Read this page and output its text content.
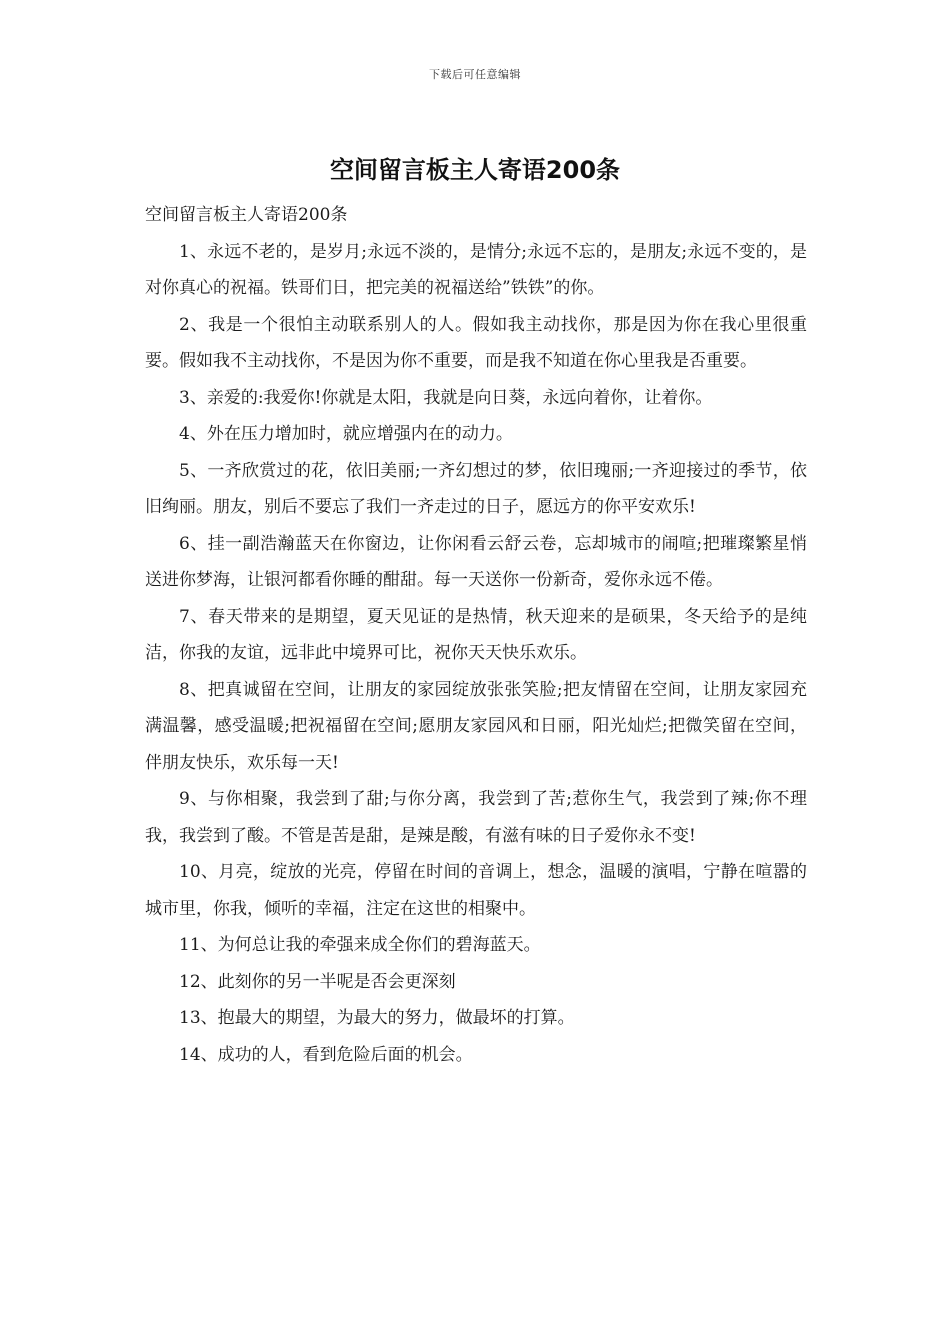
下载后可任意编辑
空间留言板主人寄语200条

空间留言板主人寄语200条

1、永远不老的，是岁月;永远不淡的，是情分;永远不忘的，是朋友;永远不变的，是对你真心的祝福。铁哥们日，把完美的祝福送给”铁铁”的你。

2、我是一个很怕主动联系别人的人。假如我主动找你，那是因为你在我心里很重要。假如我不主动找你，不是因为你不重要，而是我不知道在你心里我是否重要。

3、亲爱的:我爱你!你就是太阳，我就是向日葵，永远向着你，让着你。

4、外在压力增加时，就应增强内在的动力。

5、一齐欣赏过的花，依旧美丽;一齐幻想过的梦，依旧瑰丽;一齐迎接过的季节，依旧绚丽。朋友，别后不要忘了我们一齐走过的日子，愿远方的你平安欢乐!

6、挂一副浩瀚蓝天在你窗边，让你闲看云舒云卷，忘却城市的闹喧;把璀璨繁星悄送进你梦海，让银河都看你睡的酣甜。每一天送你一份新奇，爱你永远不倦。

7、春天带来的是期望，夏天见证的是热情，秋天迎来的是硕果，冬天给予的是纯洁，你我的友谊，远非此中境界可比，祝你天天快乐欢乐。

8、把真诚留在空间，让朋友的家园绽放张张笑脸;把友情留在空间，让朋友家园充满温馨，感受温暖;把祝福留在空间;愿朋友家园风和日丽，阳光灿烂;把微笑留在空间，伴朋友快乐，欢乐每一天!

9、与你相聚，我尝到了甜;与你分离，我尝到了苦;惹你生气，我尝到了辣;你不理我，我尝到了酸。不管是苦是甜，是辣是酸，有滋有味的日子爱你永不变!

10、月亮，绽放的光亮，停留在时间的音调上，想念，温暖的演唱，宁静在喧嚣的城市里，你我，倾听的幸福，注定在这世的相聚中。

11、为何总让我的牵强来成全你们的碧海蓝天。

12、此刻你的另一半呢是否会更深刻

13、抱最大的期望，为最大的努力，做最坏的打算。

14、成功的人，看到危险后面的机会。
